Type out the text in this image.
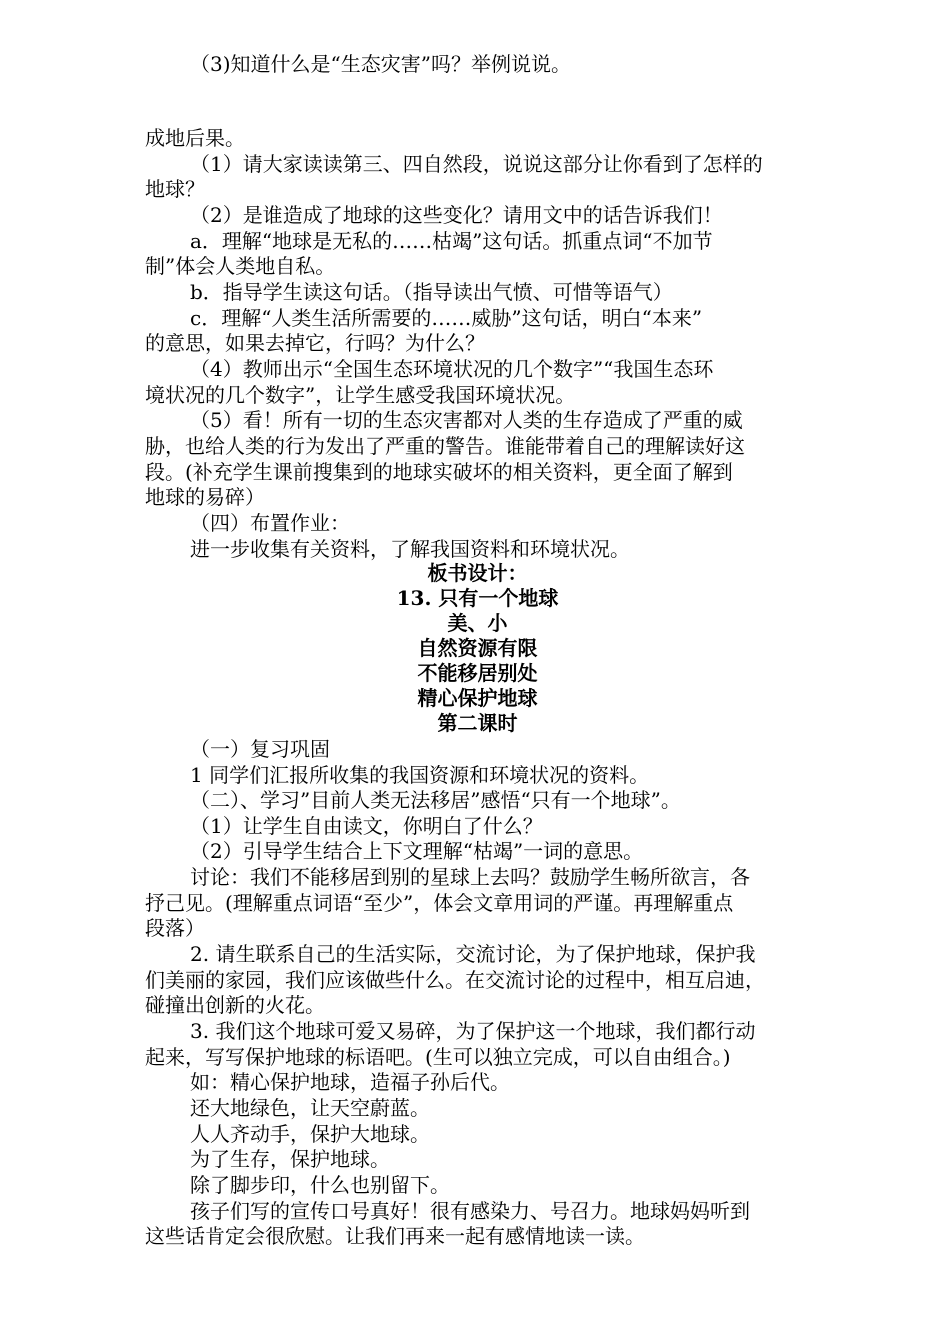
（3)知道什么是“生态灾害”吗？举例说说。
成地后果。
（1）请大家读读第三、四自然段，说说这部分让你看到了怎样的
地球？
（2）是谁造成了地球的这些变化？请用文中的话告诉我们！
a．理解“地球是无私的……枯竭”这句话。抓重点词“不加节
制”体会人类地自私。
b．指导学生读这句话。（指导读出气愤、可惜等语气）
c．理解“人类生活所需要的……威胁”这句话，明白“本来”
的意思，如果去掉它，行吗？为什么？
（4）教师出示“全国生态环境状况的几个数字”“我国生态环
境状况的几个数字”，让学生感受我国环境状况。
（5）看！所有一切的生态灾害都对人类的生存造成了严重的威
胁，也给人类的行为发出了严重的警告。谁能带着自己的理解读好这
段。(补充学生课前搜集到的地球实破坏的相关资料，更全面了解到
地球的易碎）
（四）布置作业：
进一步收集有关资料，了解我国资料和环境状况。
板书设计：
13. 只有一个地球
美、小
自然资源有限
不能移居别处
精心保护地球
第二课时
（一）复习巩固
1 同学们汇报所收集的我国资源和环境状况的资料。
（二）、学习”目前人类无法移居”感悟“只有一个地球”。
（1）让学生自由读文，你明白了什么？
（2）引导学生结合上下文理解“枯竭”一词的意思。
讨论：我们不能移居到别的星球上去吗？鼓励学生畅所欲言，各
抒己见。(理解重点词语“至少”，体会文章用词的严谨。再理解重点
段落）
2. 请生联系自己的生活实际，交流讨论，为了保护地球，保护我
们美丽的家园，我们应该做些什么。在交流讨论的过程中，相互启迪，
碰撞出创新的火花。
3. 我们这个地球可爱又易碎，为了保护这一个地球，我们都行动
起来，写写保护地球的标语吧。(生可以独立完成，可以自由组合。)
如：精心保护地球，造福子孙后代。
还大地绿色，让天空蔚蓝。
人人齐动手，保护大地球。
为了生存，保护地球。
除了脚步印，什么也别留下。
孩子们写的宣传口号真好！很有感染力、号召力。地球妈妈听到
这些话肯定会很欣慰。让我们再来一起有感情地读一读。
